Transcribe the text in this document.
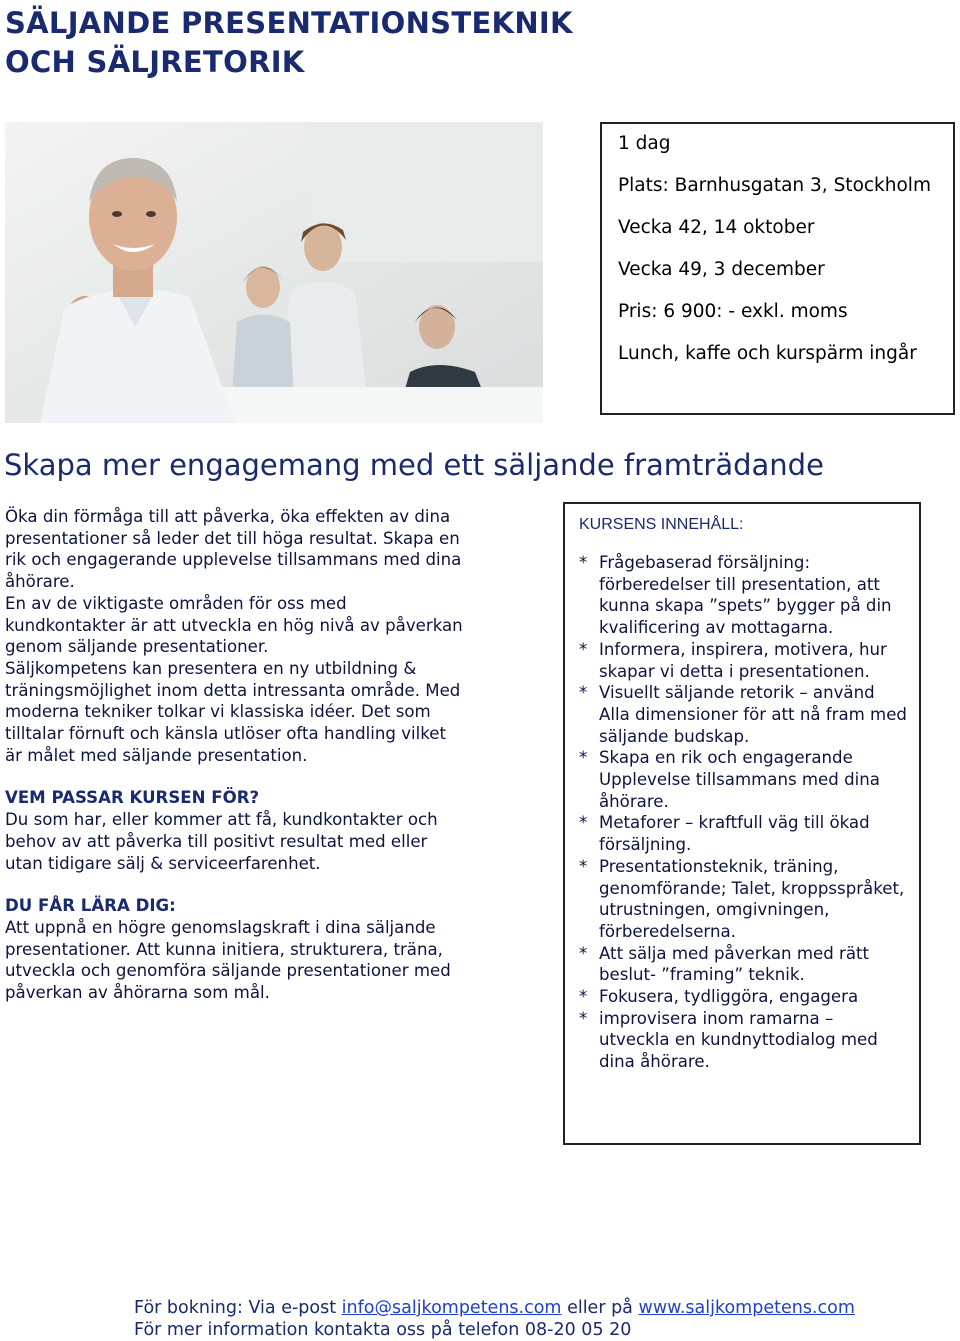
SÄLJANDE PRESENTATIONSTEKNIK
OCH SÄLJRETORIK

1 dag

Plats: Barnhusgatan 3, Stockholm

Vecka 42, 14 oktober

Vecka 49, 3 december

Pris: 6 900: - exkl. moms

Lunch, kaffe och kurspärm ingår

Skapa mer engagemang med ett säljande framträdande

Öka din förmåga till att påverka, öka effekten av dina presentationer så leder det till höga resultat. Skapa en rik och engagerande upplevelse tillsammans med dina åhörare.

En av de viktigaste områden för oss med kundkontakter är att utveckla en hög nivå av påverkan genom säljande presentationer.

Säljkompetens kan presentera en ny utbildning & träningsmöjlighet inom detta intressanta område. Med moderna tekniker tolkar vi klassiska idéer. Det som tilltalar förnuft och känsla utlöser ofta handling vilket är målet med säljande presentation.

VEM PASSAR KURSEN FÖR?

Du som har, eller kommer att få, kundkontakter och behov av att påverka till positivt resultat med eller utan tidigare sälj & serviceerfarenhet.

DU FÅR LÄRA DIG:

Att uppnå en högre genomslagskraft i dina säljande presentationer. Att kunna initiera, strukturera, träna, utveckla och genomföra säljande presentationer med påverkan av åhörarna som mål.

KURSENS INNEHÅLL:

* Frågebaserad försäljning: förberedelser till presentation, att kunna skapa ”spets” bygger på din kvalificering av mottagarna.
* Informera, inspirera, motivera, hur skapar vi detta i presentationen.
* Visuellt säljande retorik – använd Alla dimensioner för att nå fram med säljande budskap.
* Skapa en rik och engagerande Upplevelse tillsammans med dina åhörare.
* Metaforer – kraftfull väg till ökad försäljning.
* Presentationsteknik, träning, genomförande; Talet, kroppsspråket, utrustningen, omgivningen, förberedelserna.
* Att sälja med påverkan med rätt beslut- ”framing” teknik.
* Fokusera, tydliggöra, engagera
* improvisera inom ramarna – utveckla en kundnyttodialog med dina åhörare.

För bokning: Via e-post info@saljkompetens.com eller på www.saljkompetens.com

För mer information kontakta oss på telefon 08-20 05 20
